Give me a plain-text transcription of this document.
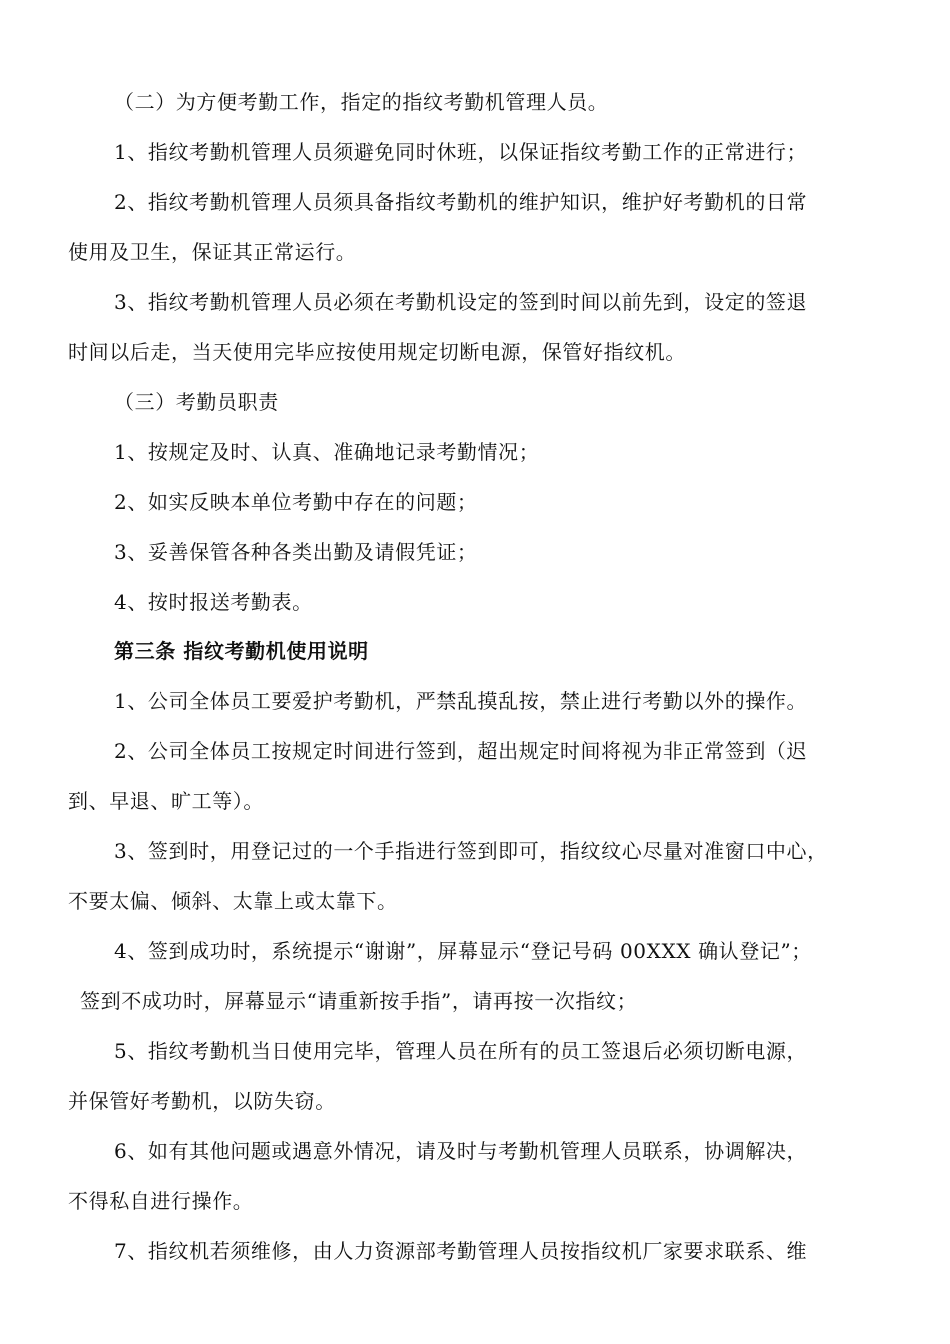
（二）为方便考勤工作，指定的指纹考勤机管理人员。
1、指纹考勤机管理人员须避免同时休班，以保证指纹考勤工作的正常进行；
2、指纹考勤机管理人员须具备指纹考勤机的维护知识，维护好考勤机的日常
使用及卫生，保证其正常运行。
3、指纹考勤机管理人员必须在考勤机设定的签到时间以前先到，设定的签退
时间以后走，当天使用完毕应按使用规定切断电源，保管好指纹机。
（三）考勤员职责
1、按规定及时、认真、准确地记录考勤情况；
2、如实反映本单位考勤中存在的问题；
3、妥善保管各种各类出勤及请假凭证；
4、按时报送考勤表。
第三条 指纹考勤机使用说明
1、公司全体员工要爱护考勤机，严禁乱摸乱按，禁止进行考勤以外的操作。
2、公司全体员工按规定时间进行签到，超出规定时间将视为非正常签到（迟
到、早退、旷工等）。
3、签到时，用登记过的一个手指进行签到即可，指纹纹心尽量对准窗口中心，
不要太偏、倾斜、太靠上或太靠下。
4、签到成功时，系统提示“谢谢”，屏幕显示“登记号码 00XXX 确认登记”；
签到不成功时，屏幕显示“请重新按手指”，请再按一次指纹；
5、指纹考勤机当日使用完毕，管理人员在所有的员工签退后必须切断电源，
并保管好考勤机，以防失窃。
6、如有其他问题或遇意外情况，请及时与考勤机管理人员联系，协调解决，
不得私自进行操作。
7、指纹机若须维修，由人力资源部考勤管理人员按指纹机厂家要求联系、维
